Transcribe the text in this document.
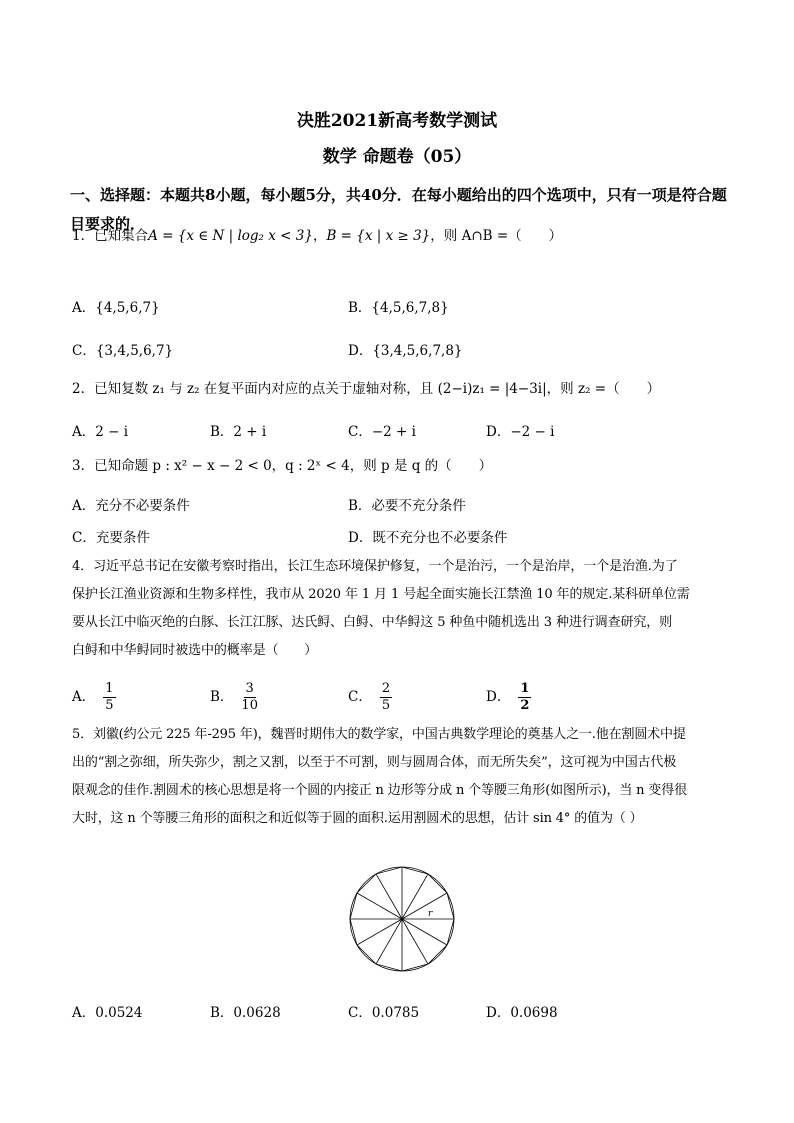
决胜2021新高考数学测试
数学 命题卷（05）
一、选择题：本题共8小题，每小题5分，共40分．在每小题给出的四个选项中，只有一项是符合题目要求的．
1．已知集合A = {x ∈ N | log₂ x < 3}，B = {x | x ≥ 3}，则 A∩B =（　　）
A．{4,5,6,7}	B．{4,5,6,7,8}
C．{3,4,5,6,7}	D．{3,4,5,6,7,8}
2．已知复数 z₁ 与 z₂ 在复平面内对应的点关于虚轴对称，且 (2−i)z₁ = |4−3i|，则 z₂ =（　　）
A．2 − i	B．2 + i	C．−2 + i	D．−2 − i
3．已知命题 p : x² − x − 2 < 0，q : 2ˣ < 4，则 p 是 q 的（　　）
A．充分不必要条件	B．必要不充分条件
C．充要条件	D．既不充分也不必要条件
4．习近平总书记在安徽考察时指出，长江生态环境保护修复，一个是治污，一个是治岸，一个是治渔.为了
保护长江渔业资源和生物多样性，我市从 2020 年 1 月 1 号起全面实施长江禁渔 10 年的规定.某科研单位需
要从长江中临灭绝的白豚、长江江豚、达氏鲟、白鲟、中华鲟这 5 种鱼中随机选出 3 种进行调查研究，则
白鲟和中华鲟同时被选中的概率是（　　）
A． $\frac{1}{5}$	B． $\frac{3}{10}$	C． $\frac{2}{5}$	D． $\frac{1}{2}$
5．刘徽(约公元 225 年-295 年)，魏晋时期伟大的数学家，中国古典数学理论的奠基人之一.他在割圆术中提
出的“割之弥细，所失弥少，割之又割，以至于不可割，则与圆周合体，而无所失矣”，这可视为中国古代极
限观念的佳作.割圆术的核心思想是将一个圆的内接正 n 边形等分成 n 个等腰三角形(如图所示)，当 n 变得很
大时，这 n 个等腰三角形的面积之和近似等于圆的面积.运用割圆术的思想，估计 sin 4° 的值为（ ）
r
A．0.0524	B．0.0628	C．0.0785	D．0.0698
